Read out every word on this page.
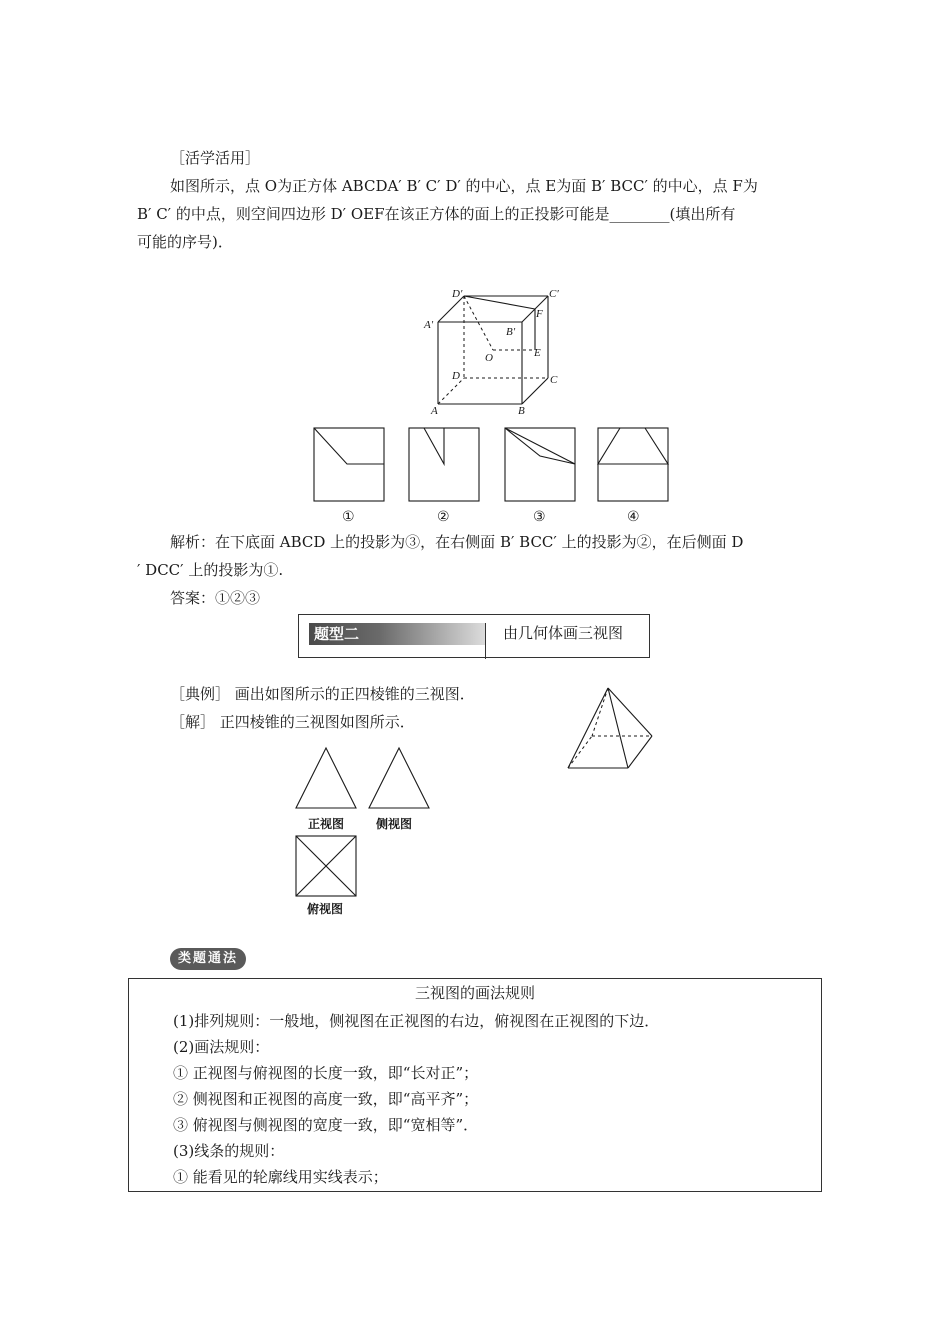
［活学活用］
如图所示，点 O为正方体 ABCDA′ B′ C′ D′ 的中心，点 E为面 B′ BCC′ 的中心，点 F为
B′ C′ 的中点，则空间四边形 D′ OEF在该正方体的面上的正投影可能是________(填出所有
可能的序号)．
D′	C′
A′
B′
F
O	E
D	C
A	B
①	②	③	④
正视图	侧视图
俯视图
解析：在下底面 ABCD 上的投影为③，在右侧面 B′ BCC′ 上的投影为②，在后侧面 D
′ DCC′ 上的投影为①.
答案：①②③
题型二	由几何体画三视图
［典例］ 画出如图所示的正四棱锥的三视图．
［解］ 正四棱锥的三视图如图所示．
类题通法
三视图的画法规则
(1)排列规则：一般地，侧视图在正视图的右边，俯视图在正视图的下边．
(2)画法规则：
① 正视图与俯视图的长度一致，即“长对正”；
② 侧视图和正视图的高度一致，即“高平齐”；
③ 俯视图与侧视图的宽度一致，即“宽相等”．
(3)线条的规则：
① 能看见的轮廓线用实线表示；
